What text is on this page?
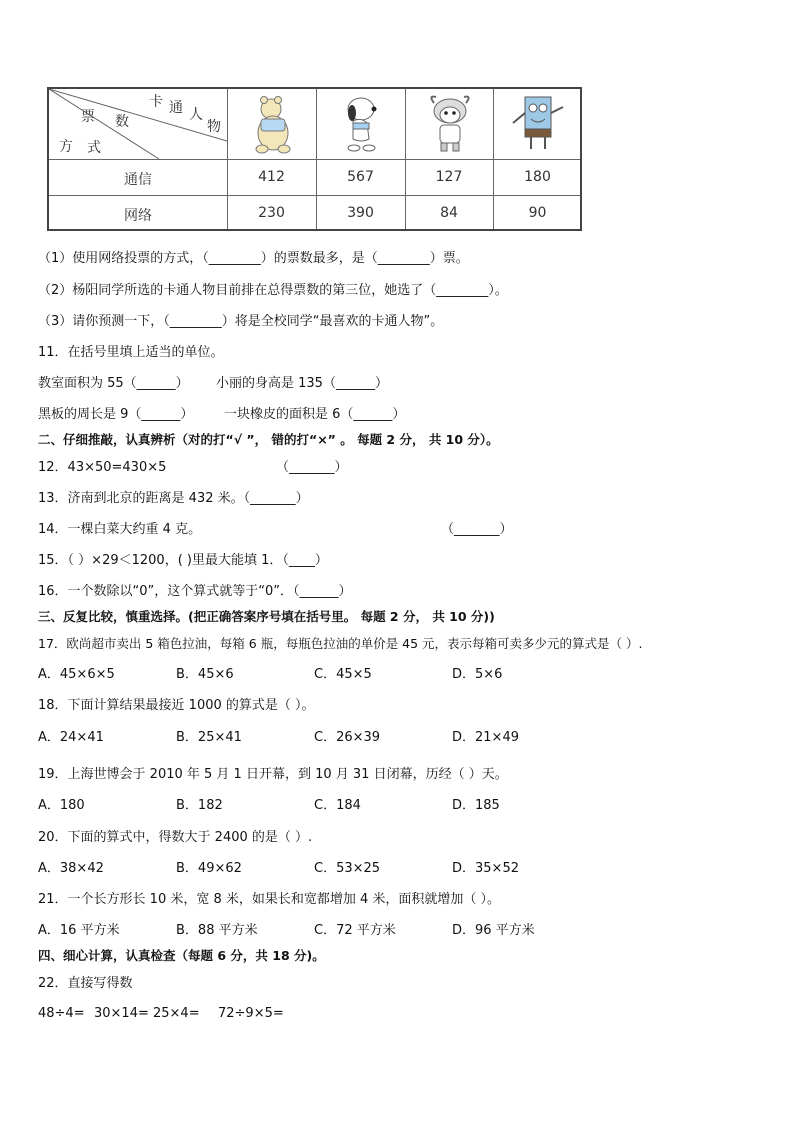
卡 通 人
物
票 数
方 式
通信	412	567	127	180
网络	230	390	84	90
（1）使用网络投票的方式，（________）的票数最多，是（________）票。
（2）杨阳同学所选的卡通人物目前排在总得票数的第三位，她选了（________）。
（3）请你预测一下，（________）将是全校同学“最喜欢的卡通人物”。
11．在括号里填上适当的单位。
教室面积为 55（______） 小丽的身高是 135（______）
黑板的周长是 9（______） 一块橡皮的面积是 6（______）
二、仔细推敲，认真辨析（对的打“√ ”， 错的打“×” 。 每题 2 分， 共 10 分）。
12．43×50=430×5	（_______）
13．济南到北京的距离是 432 米。（_______）
14．一棵白菜大约重 4 克。	（_______）
15．（ ）×29＜1200，( )里最大能填 1．（____）
16．一个数除以“0”，这个算式就等于“0”．（______）
三、反复比较，慎重选择。(把正确答案序号填在括号里。 每题 2 分， 共 10 分))
17．欧尚超市卖出 5 箱色拉油，每箱 6 瓶，每瓶色拉油的单价是 45 元，表示每箱可卖多少元的算式是（ ）.
A．45×6×5	B．45×6	C．45×5	D．5×6
18．下面计算结果最接近 1000 的算式是（ ）。
A．24×41	B．25×41	C．26×39	D．21×49
19．上海世博会于 2010 年 5 月 1 日开幕，到 10 月 31 日闭幕，历经（ ）天。
A．180	B．182	C．184	D．185
20．下面的算式中，得数大于 2400 的是（ ）.
A．38×42	B．49×62	C．53×25	D．35×52
21．一个长方形长 10 米，宽 8 米，如果长和宽都增加 4 米，面积就增加（ ）。
A．16 平方米	B．88 平方米	C．72 平方米	D．96 平方米
四、细心计算，认真检查（每题 6 分，共 18 分)。
22．直接写得数
48÷4= 30×14= 25×4= 72÷9×5=
